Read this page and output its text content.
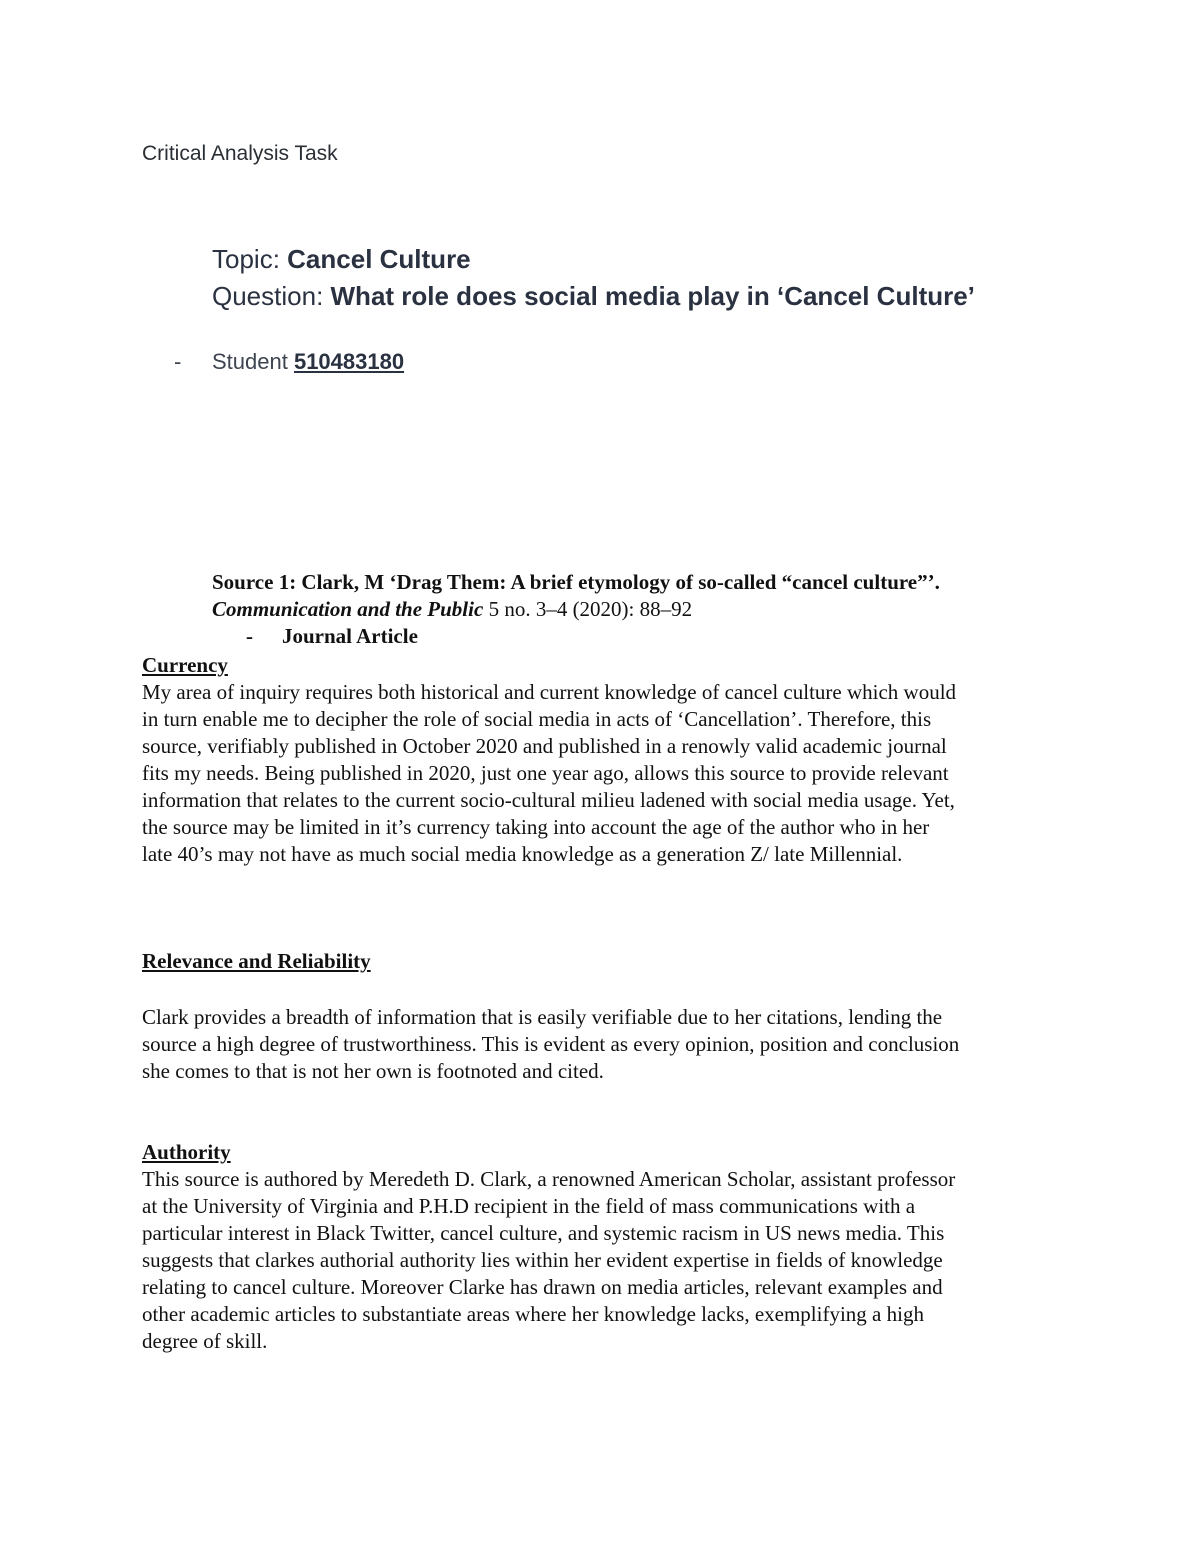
Critical Analysis Task
Topic: Cancel Culture
Question: What role does social media play in ‘Cancel Culture’
- Student 510483180
Source 1: Clark, M ‘Drag Them: A brief etymology of so-called “cancel culture”’.
Communication and the Public 5 no. 3–4 (2020): 88–92
- Journal Article
Currency
My area of inquiry requires both historical and current knowledge of cancel culture which would
in turn enable me to decipher the role of social media in acts of ‘Cancellation’. Therefore, this
source, verifiably published in October 2020 and published in a renowly valid academic journal
fits my needs. Being published in 2020, just one year ago, allows this source to provide relevant
information that relates to the current socio-cultural milieu ladened with social media usage. Yet,
the source may be limited in it’s currency taking into account the age of the author who in her
late 40’s may not have as much social media knowledge as a generation Z/ late Millennial.
Relevance and Reliability
Clark provides a breadth of information that is easily verifiable due to her citations, lending the
source a high degree of trustworthiness. This is evident as every opinion, position and conclusion
she comes to that is not her own is footnoted and cited.
Authority
This source is authored by Meredeth D. Clark, a renowned American Scholar, assistant professor
at the University of Virginia and P.H.D recipient in the field of mass communications with a
particular interest in Black Twitter, cancel culture, and systemic racism in US news media. This
suggests that clarkes authorial authority lies within her evident expertise in fields of knowledge
relating to cancel culture. Moreover Clarke has drawn on media articles, relevant examples and
other academic articles to substantiate areas where her knowledge lacks, exemplifying a high
degree of skill.
